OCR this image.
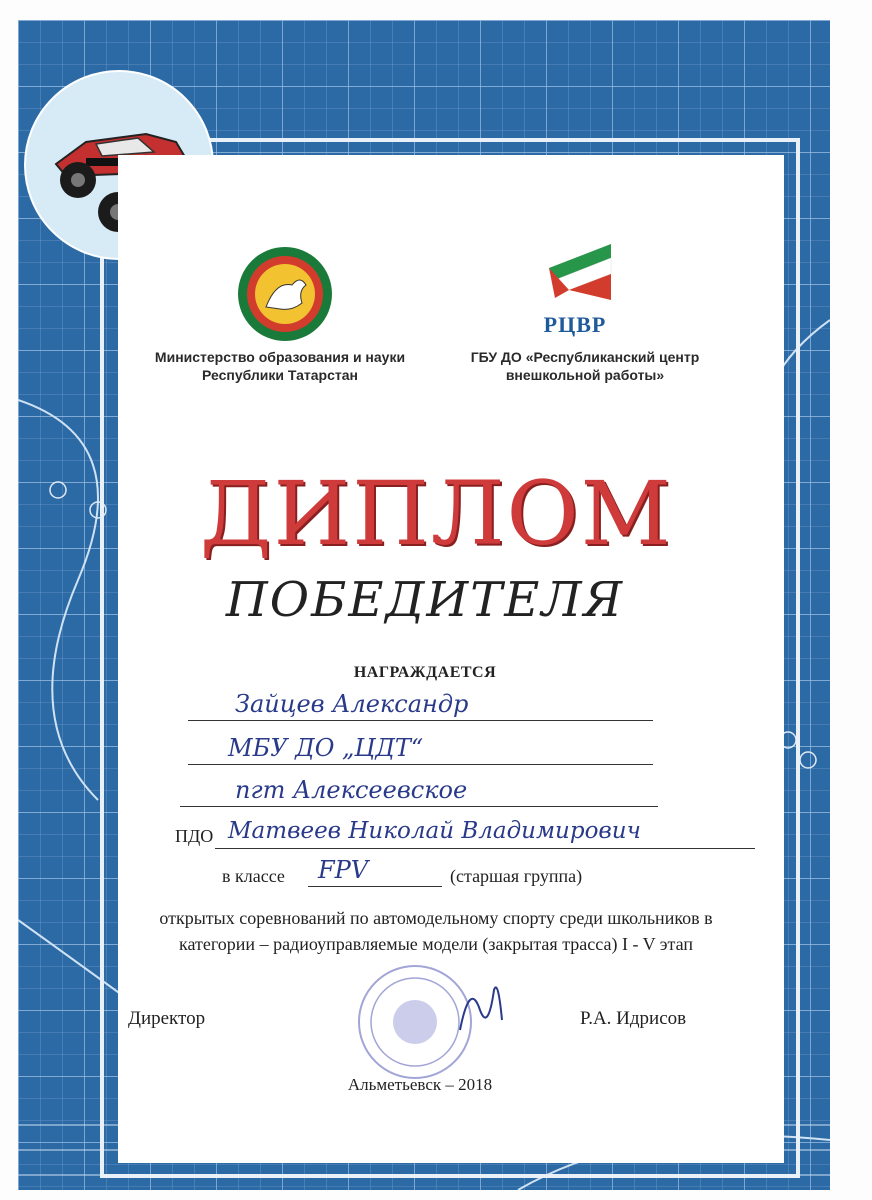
РЦВР
Министерство образования и науки Республики Татарстан
ГБУ ДО «Республиканский центр внешкольной работы»
ДИПЛОМ
ПОБЕДИТЕЛЯ
НАГРАЖДАЕТСЯ
Зайцев Александр
МБУ ДО „ЦДТ“
пгт Алексеевское
ПДО Матвеев Николай Владимирович
в классе FPV	(старшая группа)
открытых соревнований по автомодельному спорту среди школьников в категории – радиоуправляемые модели (закрытая трасса) I - V этап
Директор	Р.А. Идрисов
Альметьевск – 2018
